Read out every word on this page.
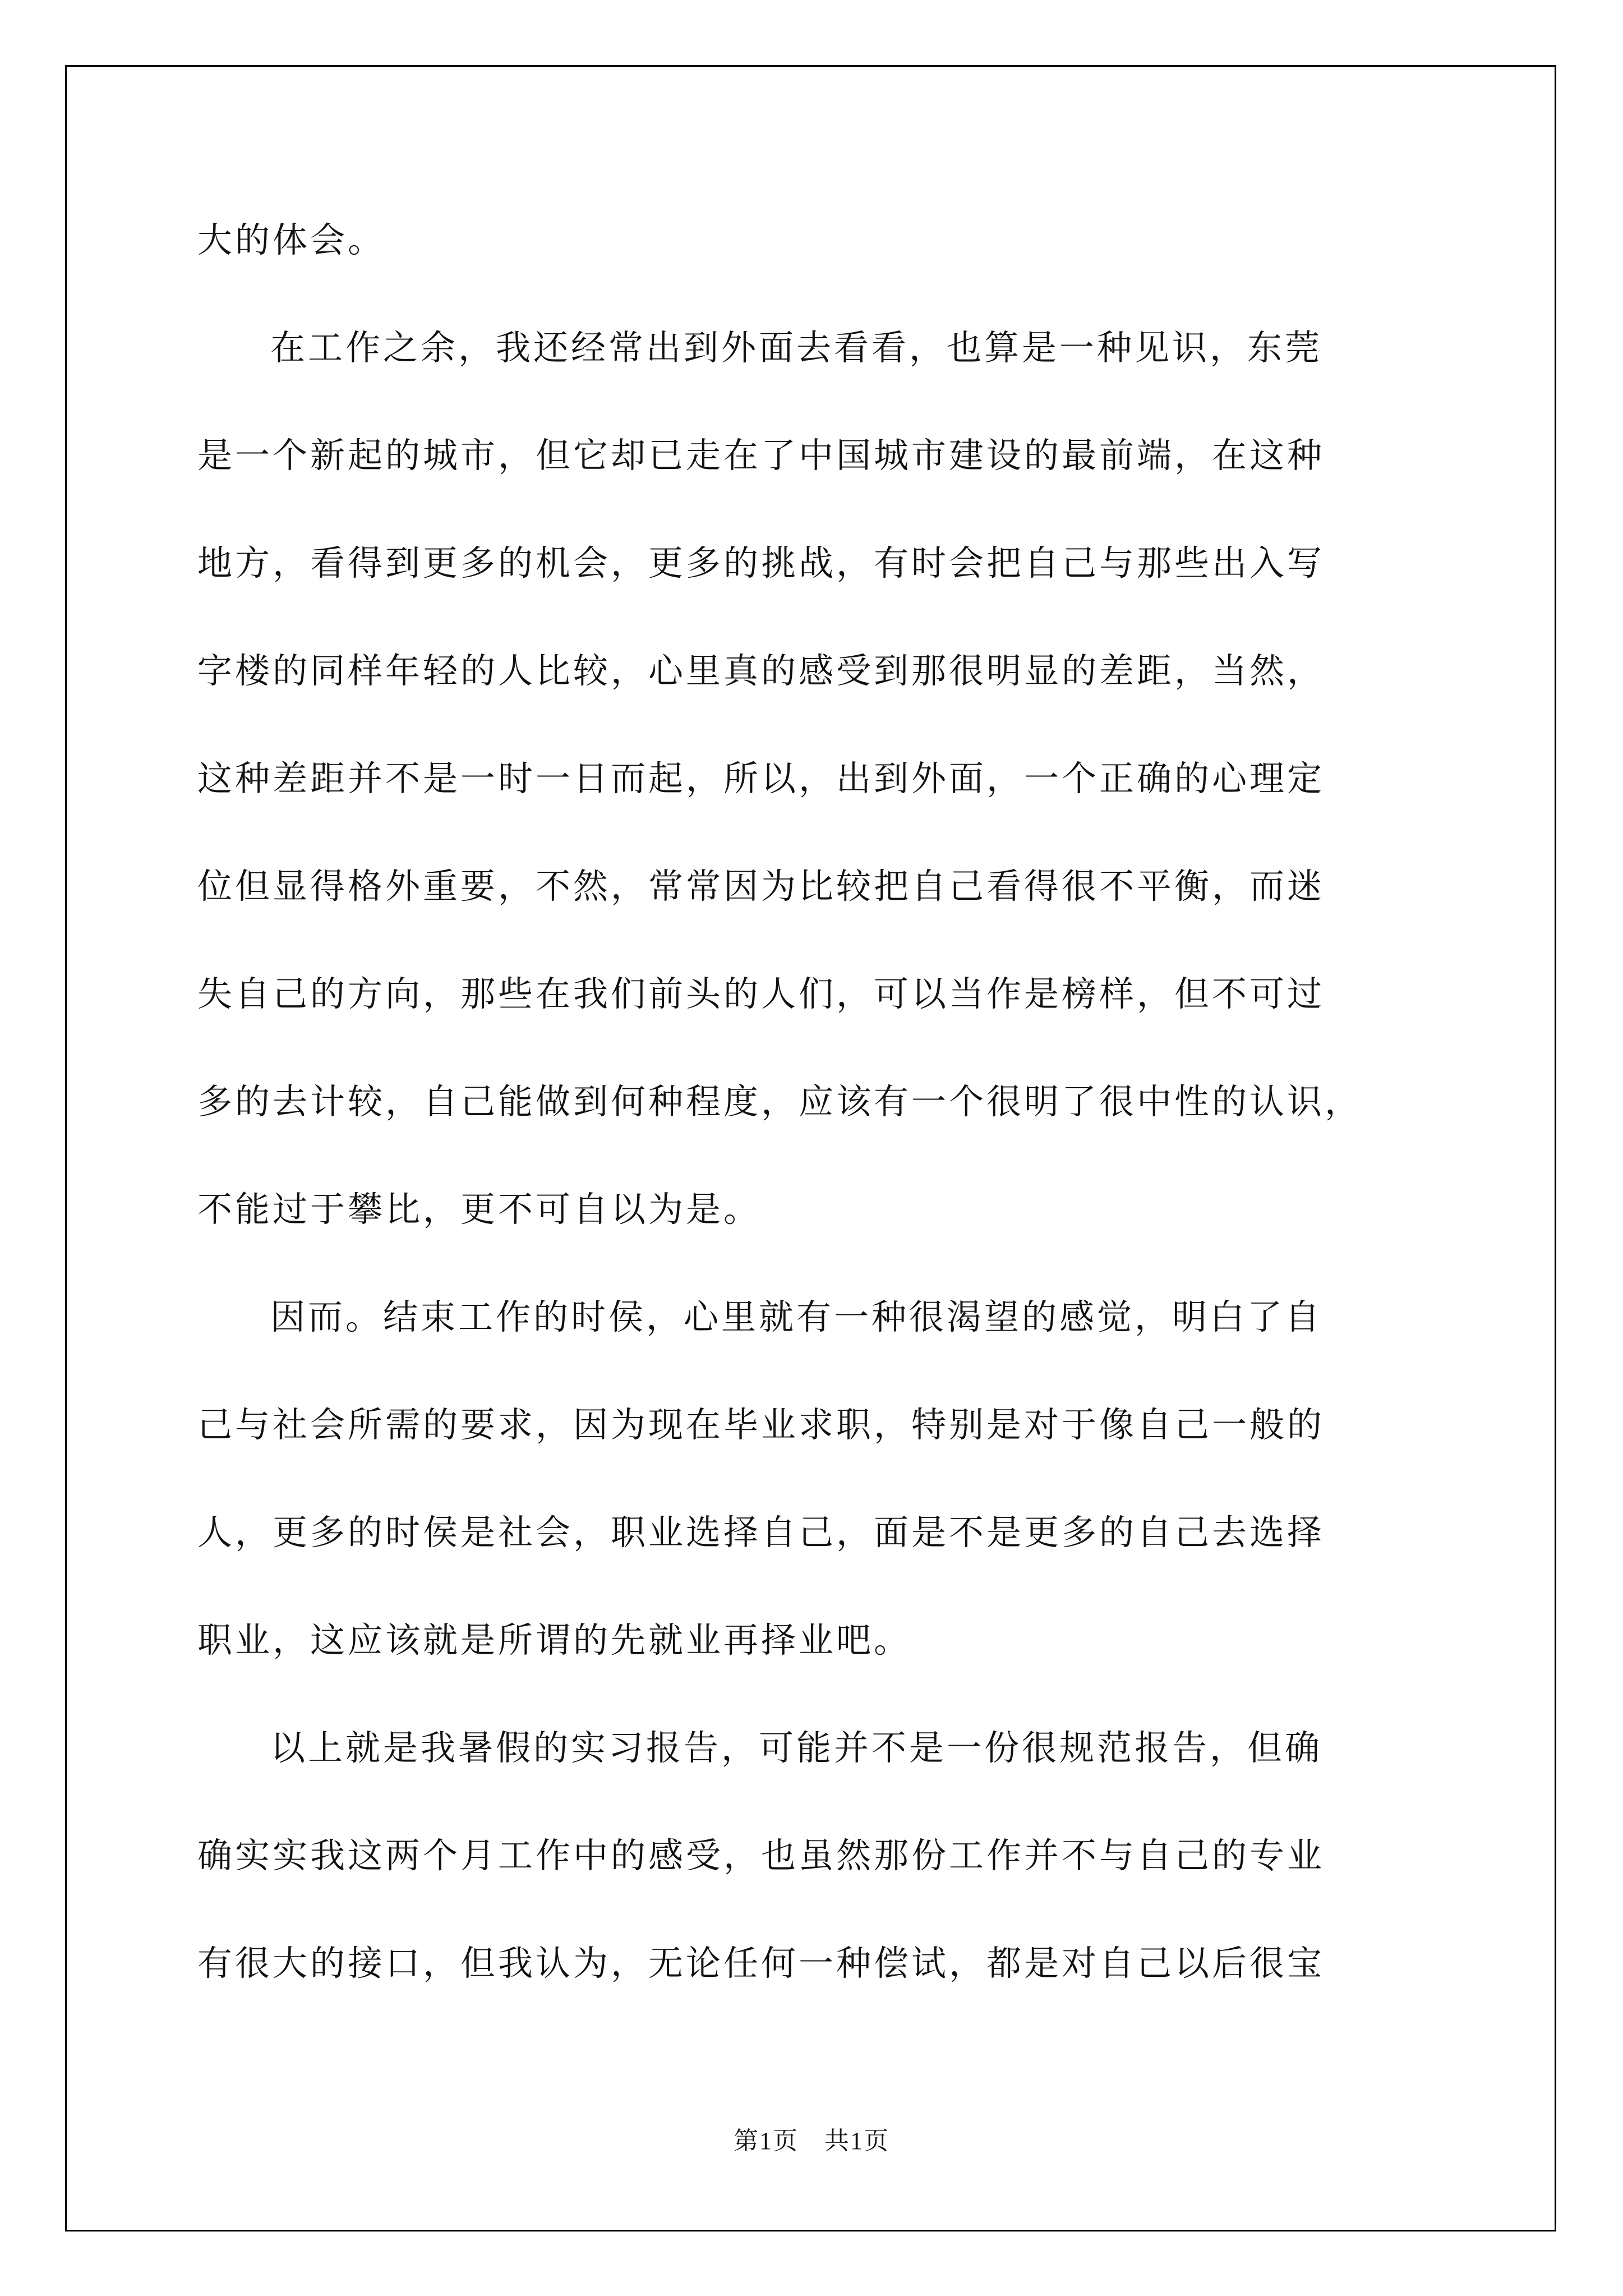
大的体会。
在工作之余，我还经常出到外面去看看，也算是一种见识，东莞
是一个新起的城市，但它却已走在了中国城市建设的最前端，在这种
地方，看得到更多的机会，更多的挑战，有时会把自己与那些出入写
字楼的同样年轻的人比较，心里真的感受到那很明显的差距，当然，
这种差距并不是一时一日而起，所以，出到外面，一个正确的心理定
位但显得格外重要，不然，常常因为比较把自己看得很不平衡，而迷
失自己的方向，那些在我们前头的人们，可以当作是榜样，但不可过
多的去计较，自己能做到何种程度，应该有一个很明了很中性的认识，
不能过于攀比，更不可自以为是。
因而。结束工作的时侯，心里就有一种很渴望的感觉，明白了自
己与社会所需的要求，因为现在毕业求职，特别是对于像自己一般的
人，更多的时侯是社会，职业选择自己，面是不是更多的自己去选择
职业，这应该就是所谓的先就业再择业吧。
以上就是我暑假的实习报告，可能并不是一份很规范报告，但确
确实实我这两个月工作中的感受，也虽然那份工作并不与自己的专业
有很大的接口，但我认为，无论任何一种偿试，都是对自己以后很宝
第1页　共1页
